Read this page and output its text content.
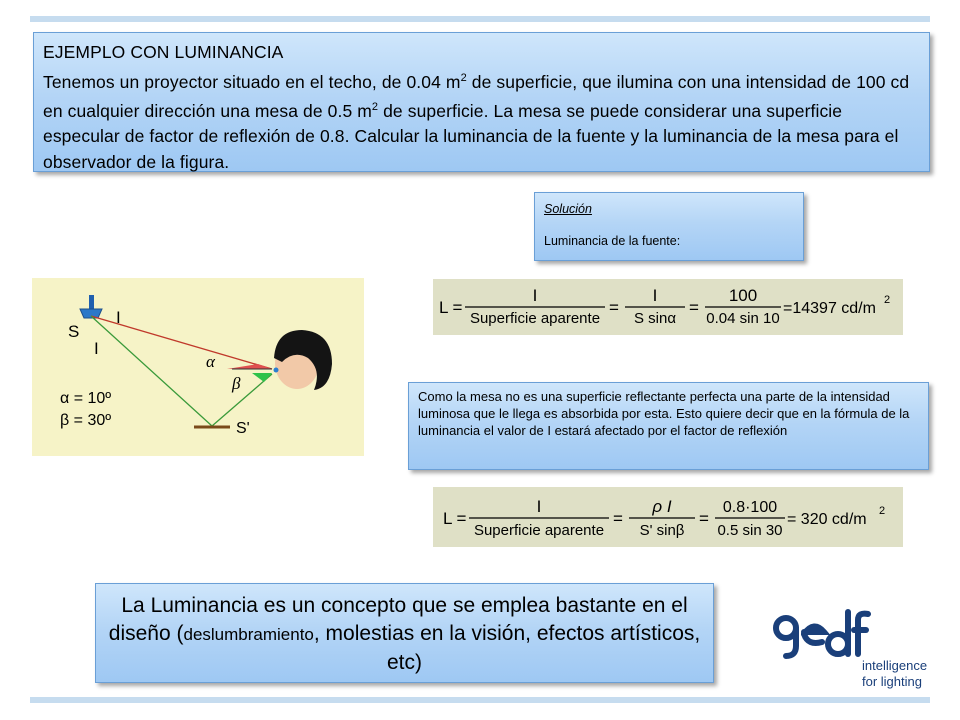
EJEMPLO CON LUMINANCIA
Tenemos un proyector situado en el techo, de 0.04 $m^2$ de superficie, que ilumina con una intensidad de 100 cd en cualquier dirección una mesa de 0.5 $m^2$ de superficie. La mesa se puede considerar una superficie especular de factor de reflexión de 0.8. Calcular la luminancia de la fuente y la luminancia de la mesa para el observador de la figura.
Solución
Luminancia de la fuente:
S
I
I
α
β
α = 10º
β = 30º	S'
L =
I
Superficie aparente
=
I
S sinα
=
100
0.04 sin 10
=14397 cd/m 2
Como la mesa no es una superficie reflectante perfecta una parte de la intensidad luminosa que le llega es absorbida por esta. Esto quiere decir que en la fórmula de la luminancia el valor de I estará afectado por el factor de reflexión
L =
I
Superficie aparente
=
ρ I
S' sinβ
=
0.8·100
0.5 sin 30
= 320 cd/m 2
La Luminancia es un concepto que se emplea bastante en el diseño (deslumbramiento, molestias en la visión, efectos artísticos, etc)	intelligence
for lighting
